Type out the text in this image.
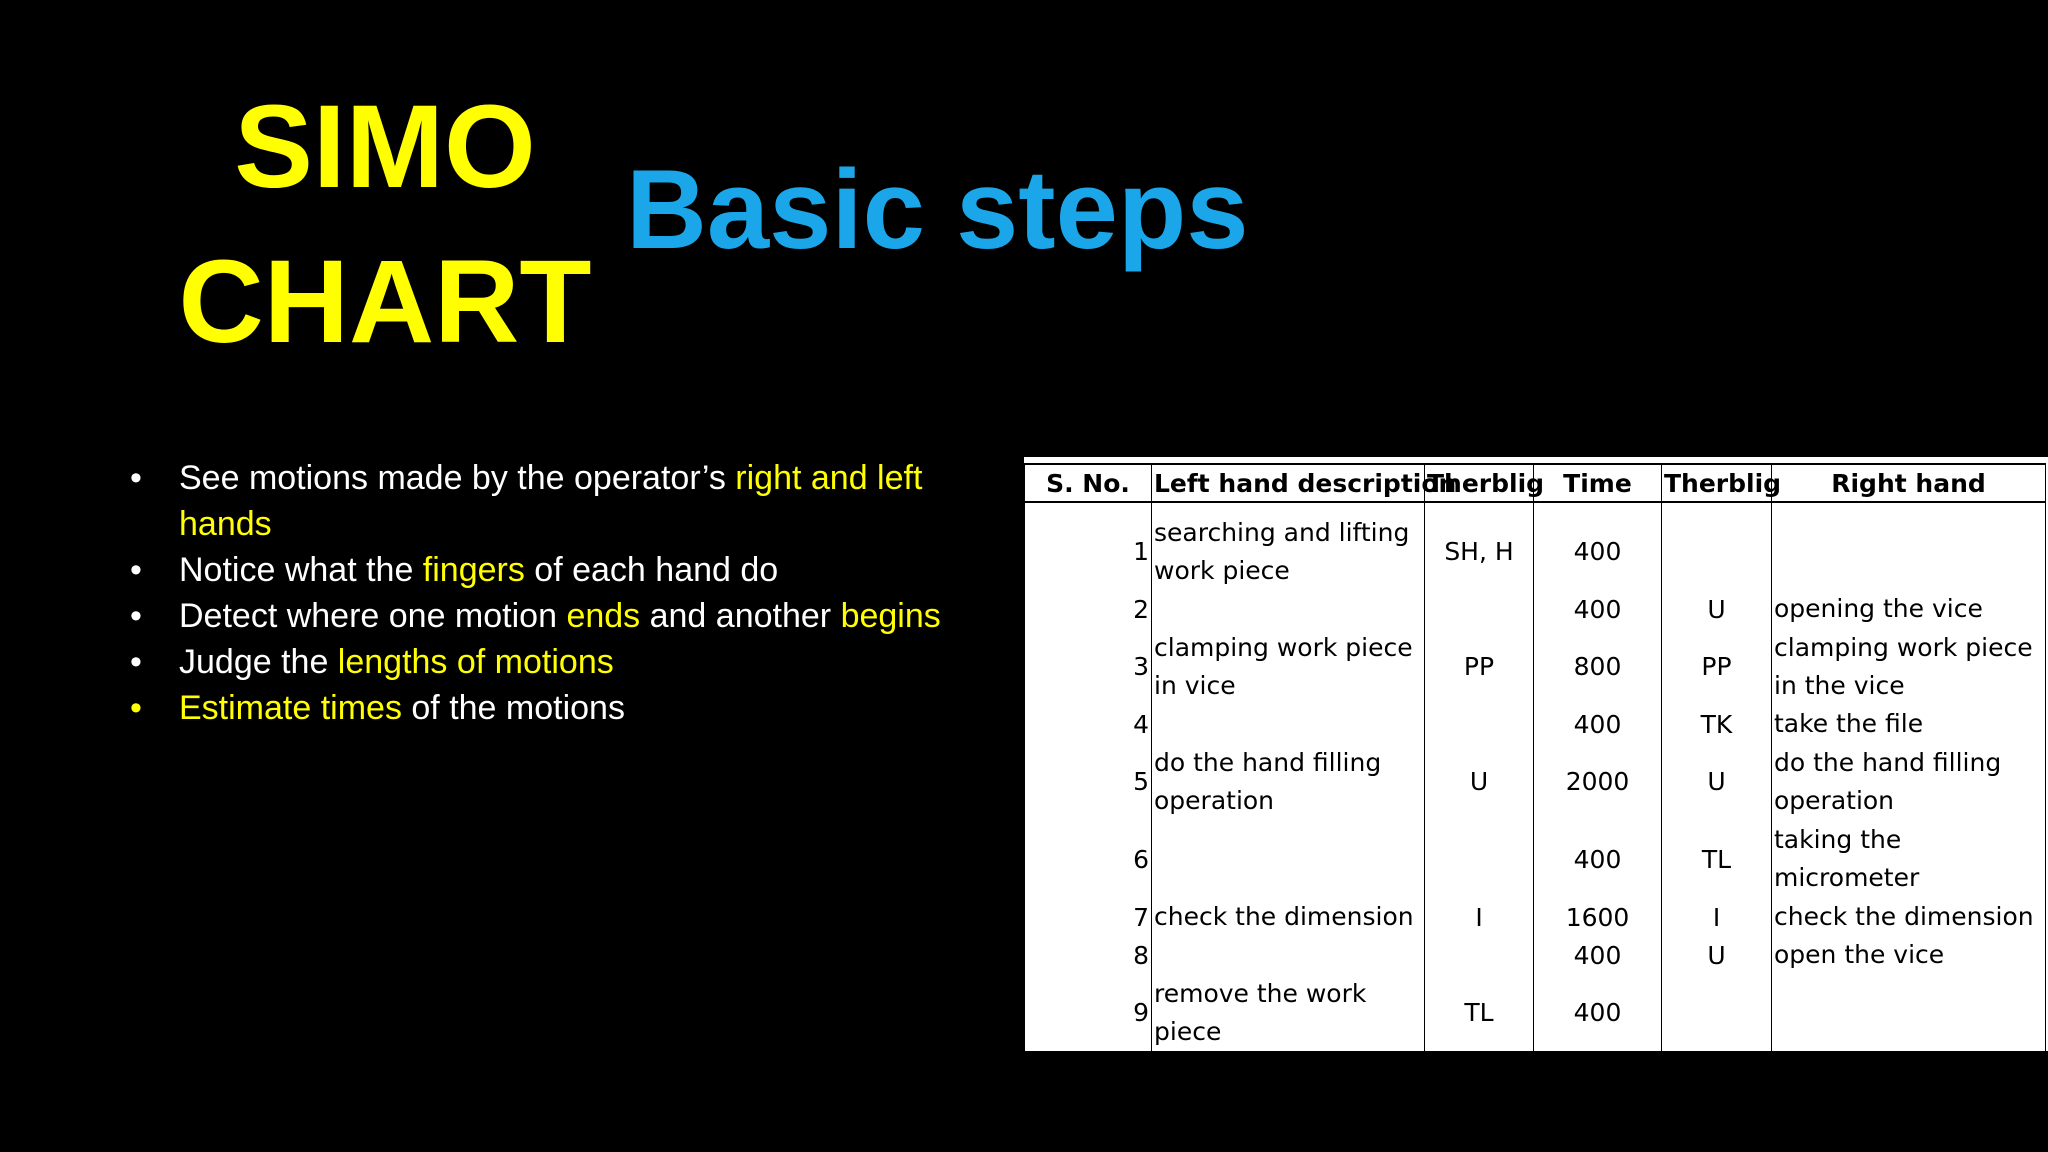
SIMO
CHART
Basic steps
• See motions made by the operator’s right and left hands
• Notice what the fingers of each hand do
• Detect where one motion ends and another begins
• Judge the lengths of motions
• Estimate times of the motions
S. No.	Left hand description	Therblig	Time	Therblig	Right hand

1	searching and lifting work piece	SH, H	400		
2			400	U	opening the vice
3	clamping work piece in vice	PP	800	PP	clamping work piece in the vice
4			400	TK	take the file
5	do the hand filling operation	U	2000	U	do the hand filling operation
6			400	TL	taking the micrometer
7	check the dimension	I	1600	I	check the dimension
8			400	U	open the vice
9	remove the work piece	TL	400		
